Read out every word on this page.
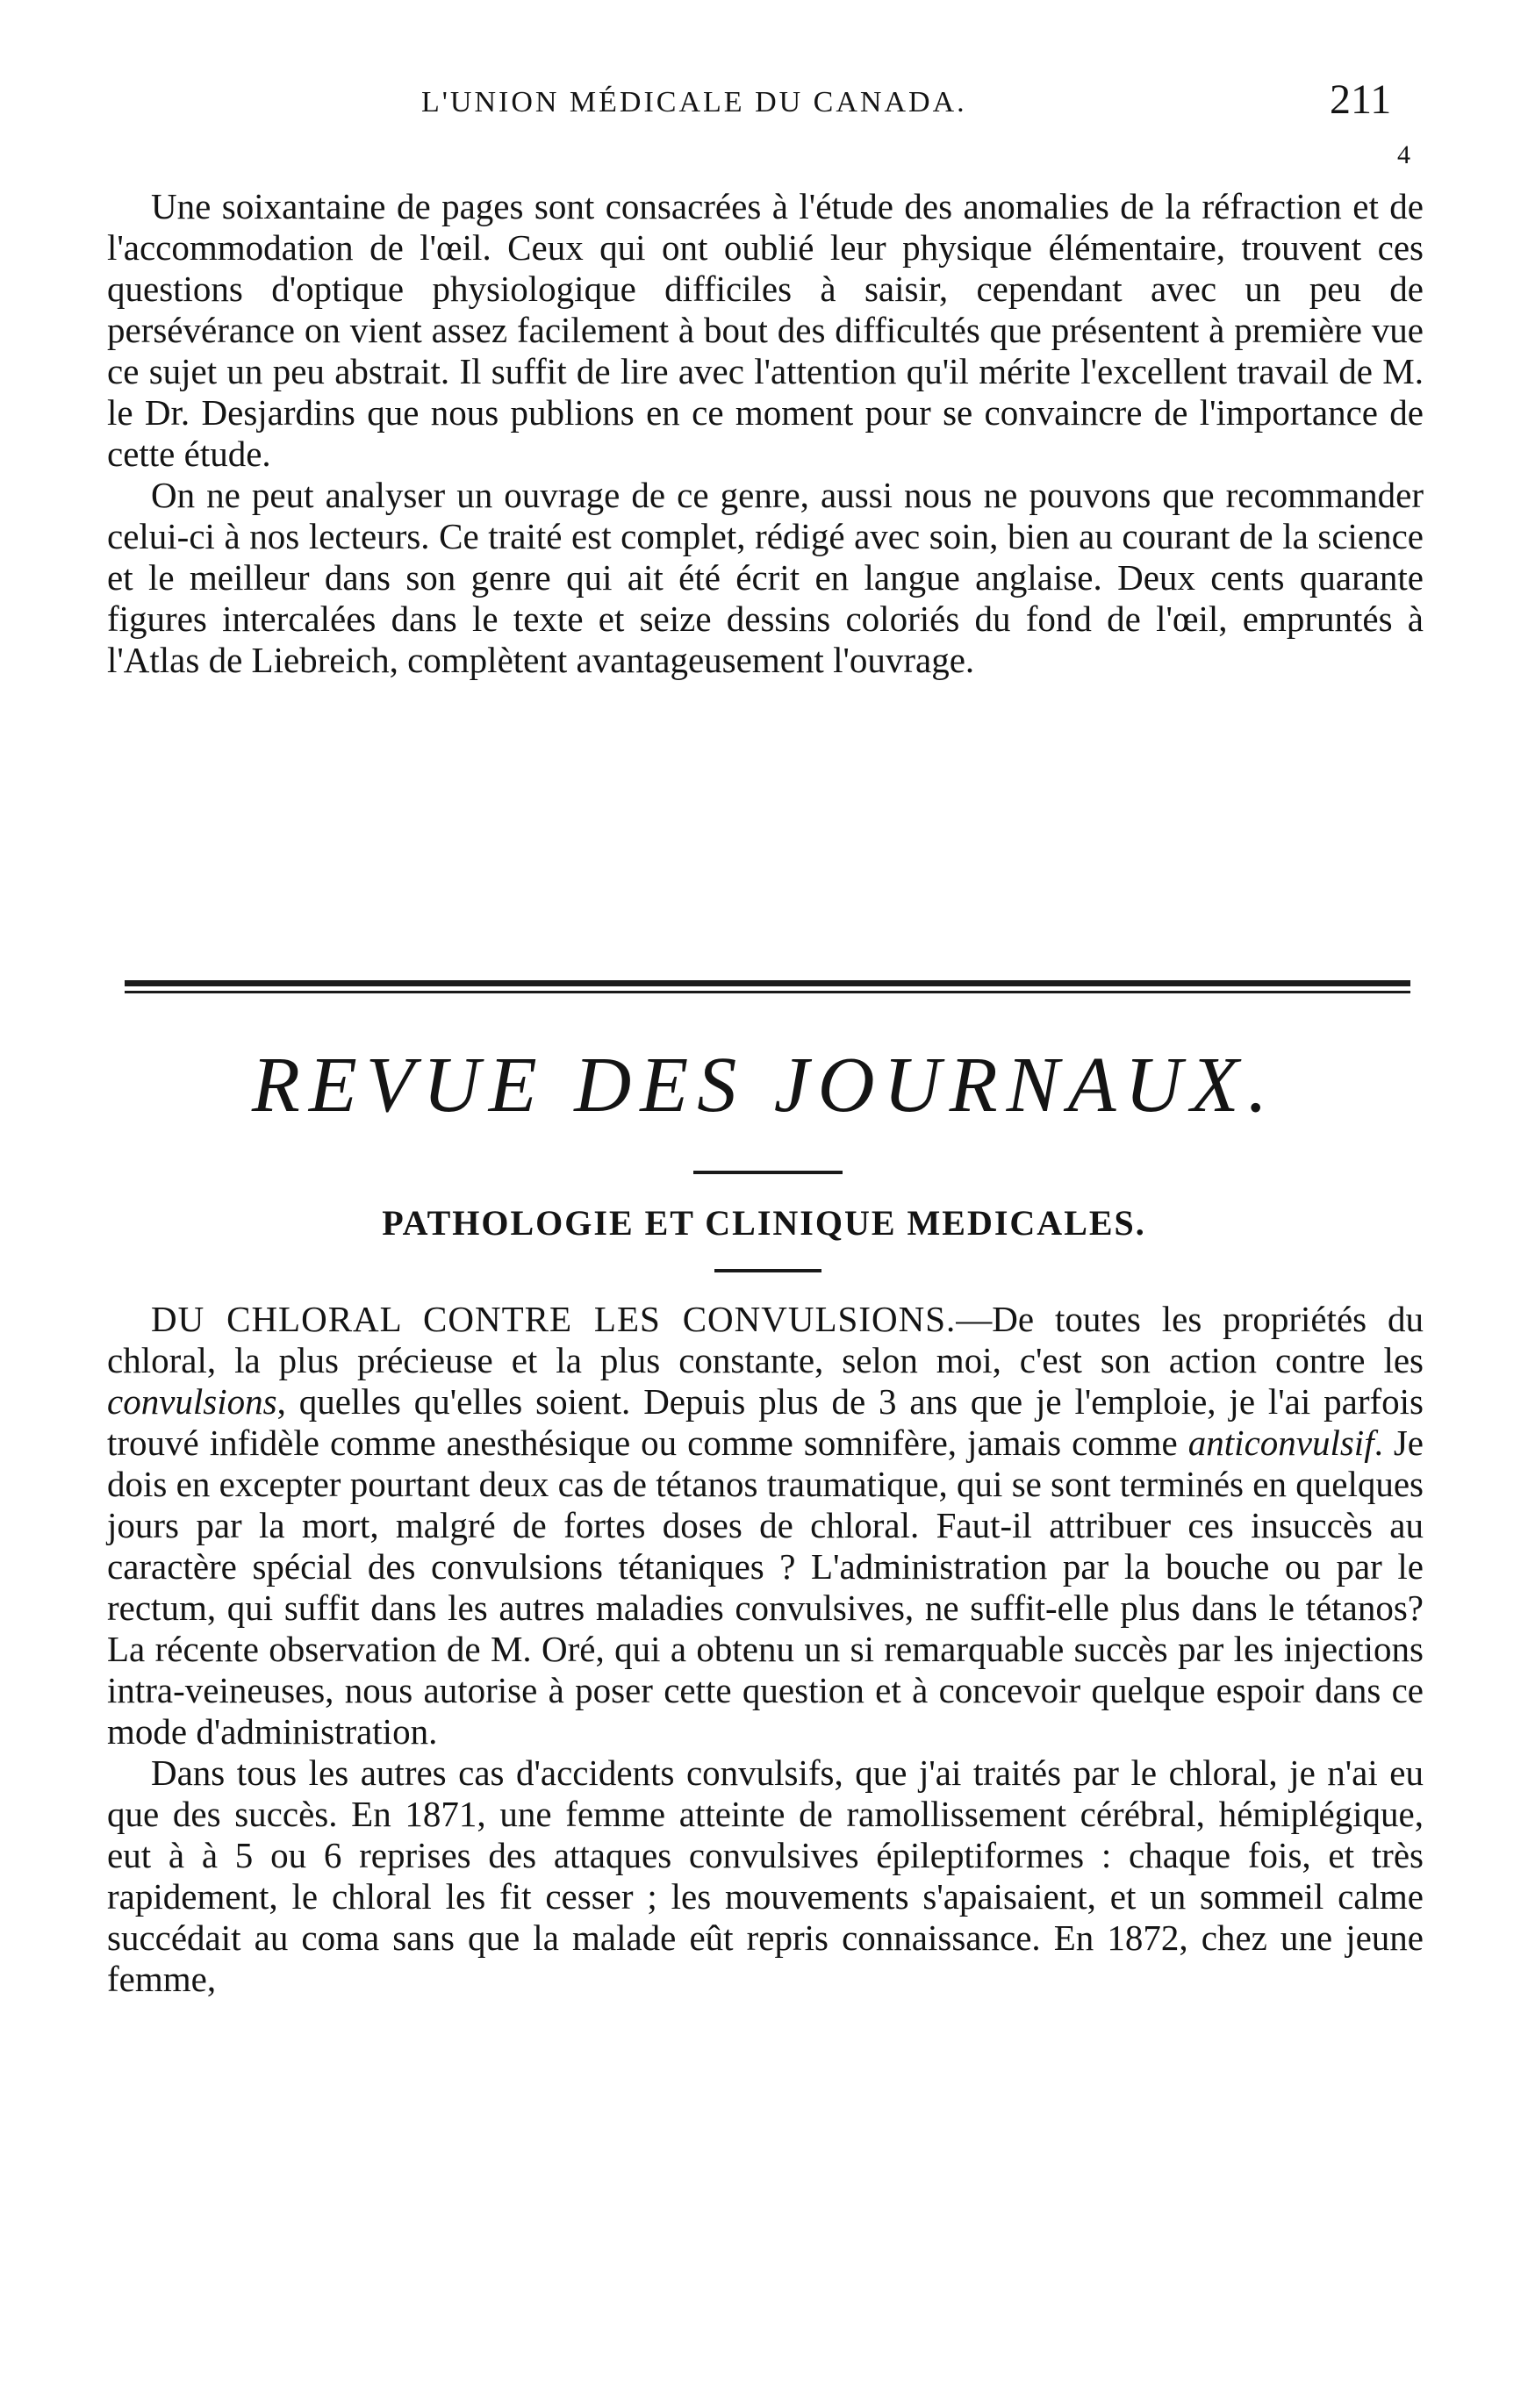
L'UNION MÉDICALE DU CANADA.	211
4

Une soixantaine de pages sont consacrées à l'étude des anomalies de la réfraction et de l'accommodation de l'œil. Ceux qui ont oublié leur physique élémentaire, trouvent ces questions d'optique physiologique difficiles à saisir, cependant avec un peu de persévérance on vient assez facilement à bout des difficultés que présentent à première vue ce sujet un peu abstrait. Il suffit de lire avec l'attention qu'il mérite l'excellent travail de M. le Dr. Desjardins que nous publions en ce moment pour se convaincre de l'importance de cette étude.

On ne peut analyser un ouvrage de ce genre, aussi nous ne pouvons que recommander celui-ci à nos lecteurs. Ce traité est complet, rédigé avec soin, bien au courant de la science et le meilleur dans son genre qui ait été écrit en langue anglaise. Deux cents quarante figures intercalées dans le texte et seize dessins coloriés du fond de l'œil, empruntés à l'Atlas de Liebreich, complètent avantageusement l'ouvrage.

REVUE DES JOURNAUX.
PATHOLOGIE ET CLINIQUE MEDICALES.

DU CHLORAL CONTRE LES CONVULSIONS.—De toutes les propriétés du chloral, la plus précieuse et la plus constante, selon moi, c'est son action contre les convulsions, quelles qu'elles soient. Depuis plus de 3 ans que je l'emploie, je l'ai parfois trouvé infidèle comme anesthésique ou comme somnifère, jamais comme anticonvulsif. Je dois en excepter pourtant deux cas de tétanos traumatique, qui se sont terminés en quelques jours par la mort, malgré de fortes doses de chloral. Faut-il attribuer ces insuccès au caractère spécial des convulsions tétaniques ? L'administration par la bouche ou par le rectum, qui suffit dans les autres maladies convulsives, ne suffit-elle plus dans le tétanos? La récente observation de M. Oré, qui a obtenu un si remarquable succès par les injections intra-veineuses, nous autorise à poser cette question et à concevoir quelque espoir dans ce mode d'administration.

Dans tous les autres cas d'accidents convulsifs, que j'ai traités par le chloral, je n'ai eu que des succès. En 1871, une femme atteinte de ramollissement cérébral, hémiplégique, eut à à 5 ou 6 reprises des attaques convulsives épileptiformes : chaque fois, et très rapidement, le chloral les fit cesser ; les mouvements s'apaisaient, et un sommeil calme succédait au coma sans que la malade eût repris connaissance. En 1872, chez une jeune femme,
